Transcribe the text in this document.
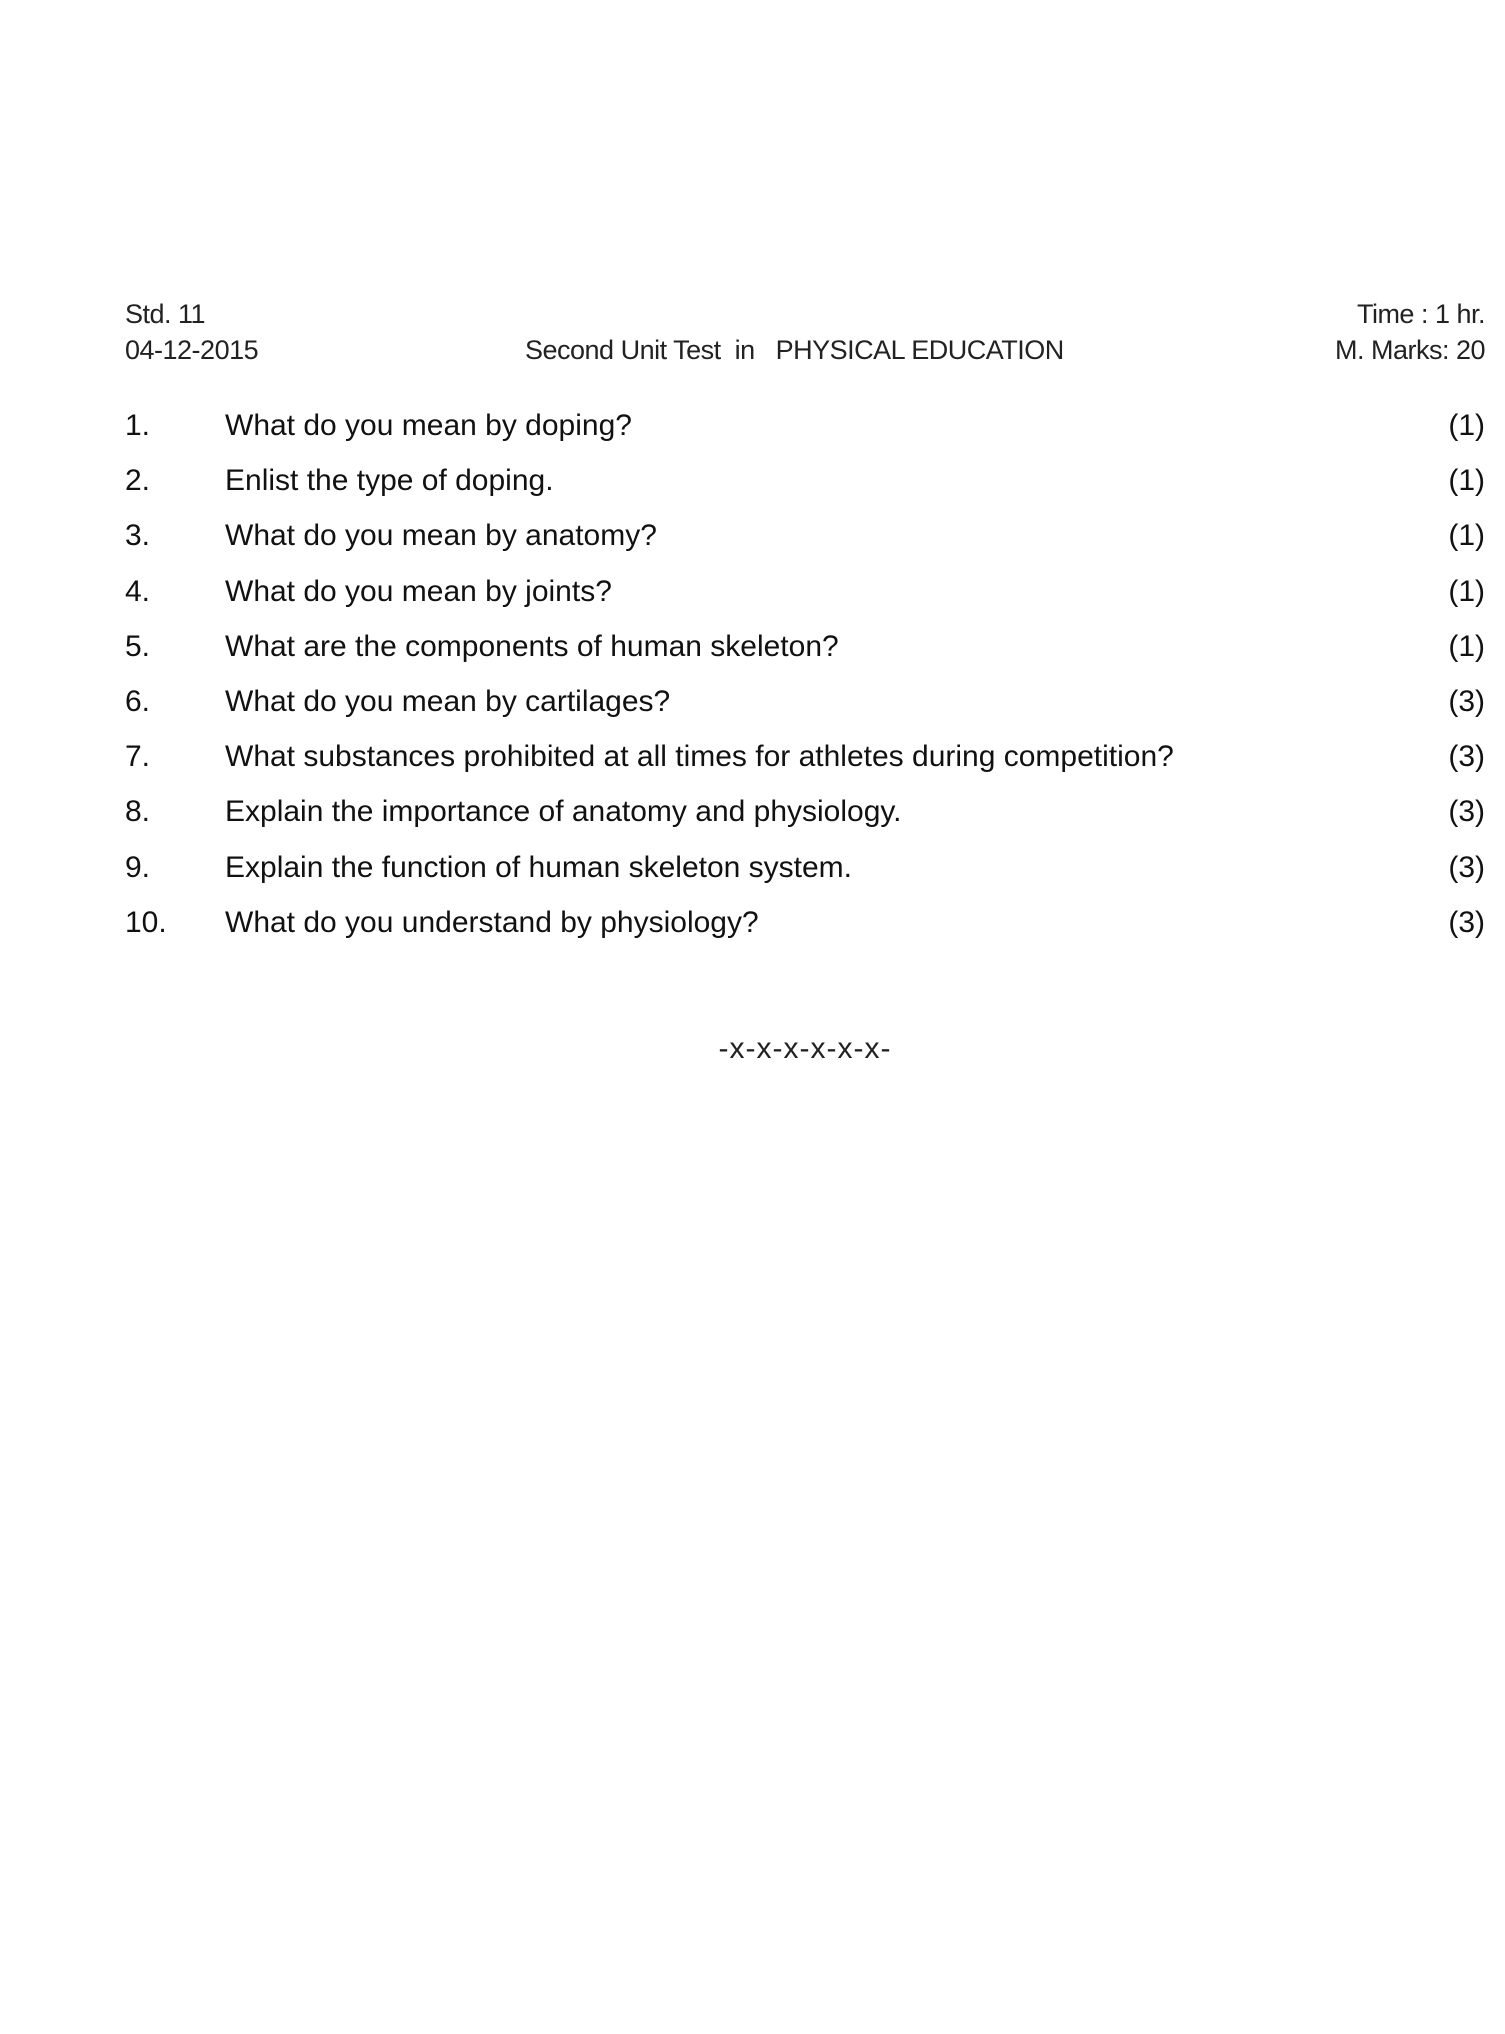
Std. 11
04-12-2015	Second Unit Test  in   PHYSICAL EDUCATION
Time : 1 hr.
M. Marks: 20
1. What do you mean by doping?	(1)
2. Enlist the type of doping.	(1)
3. What do you mean by anatomy?	(1)
4. What do you mean by joints?	(1)
5. What are the components of human skeleton?	(1)
6. What do you mean by cartilages?	(3)
7. What substances prohibited at all times for athletes during competition?	(3)
8. Explain the importance of anatomy and physiology.	(3)
9. Explain the function of human skeleton system.	(3)
10. What do you understand by physiology?	(3)
-x-x-x-x-x-x-
